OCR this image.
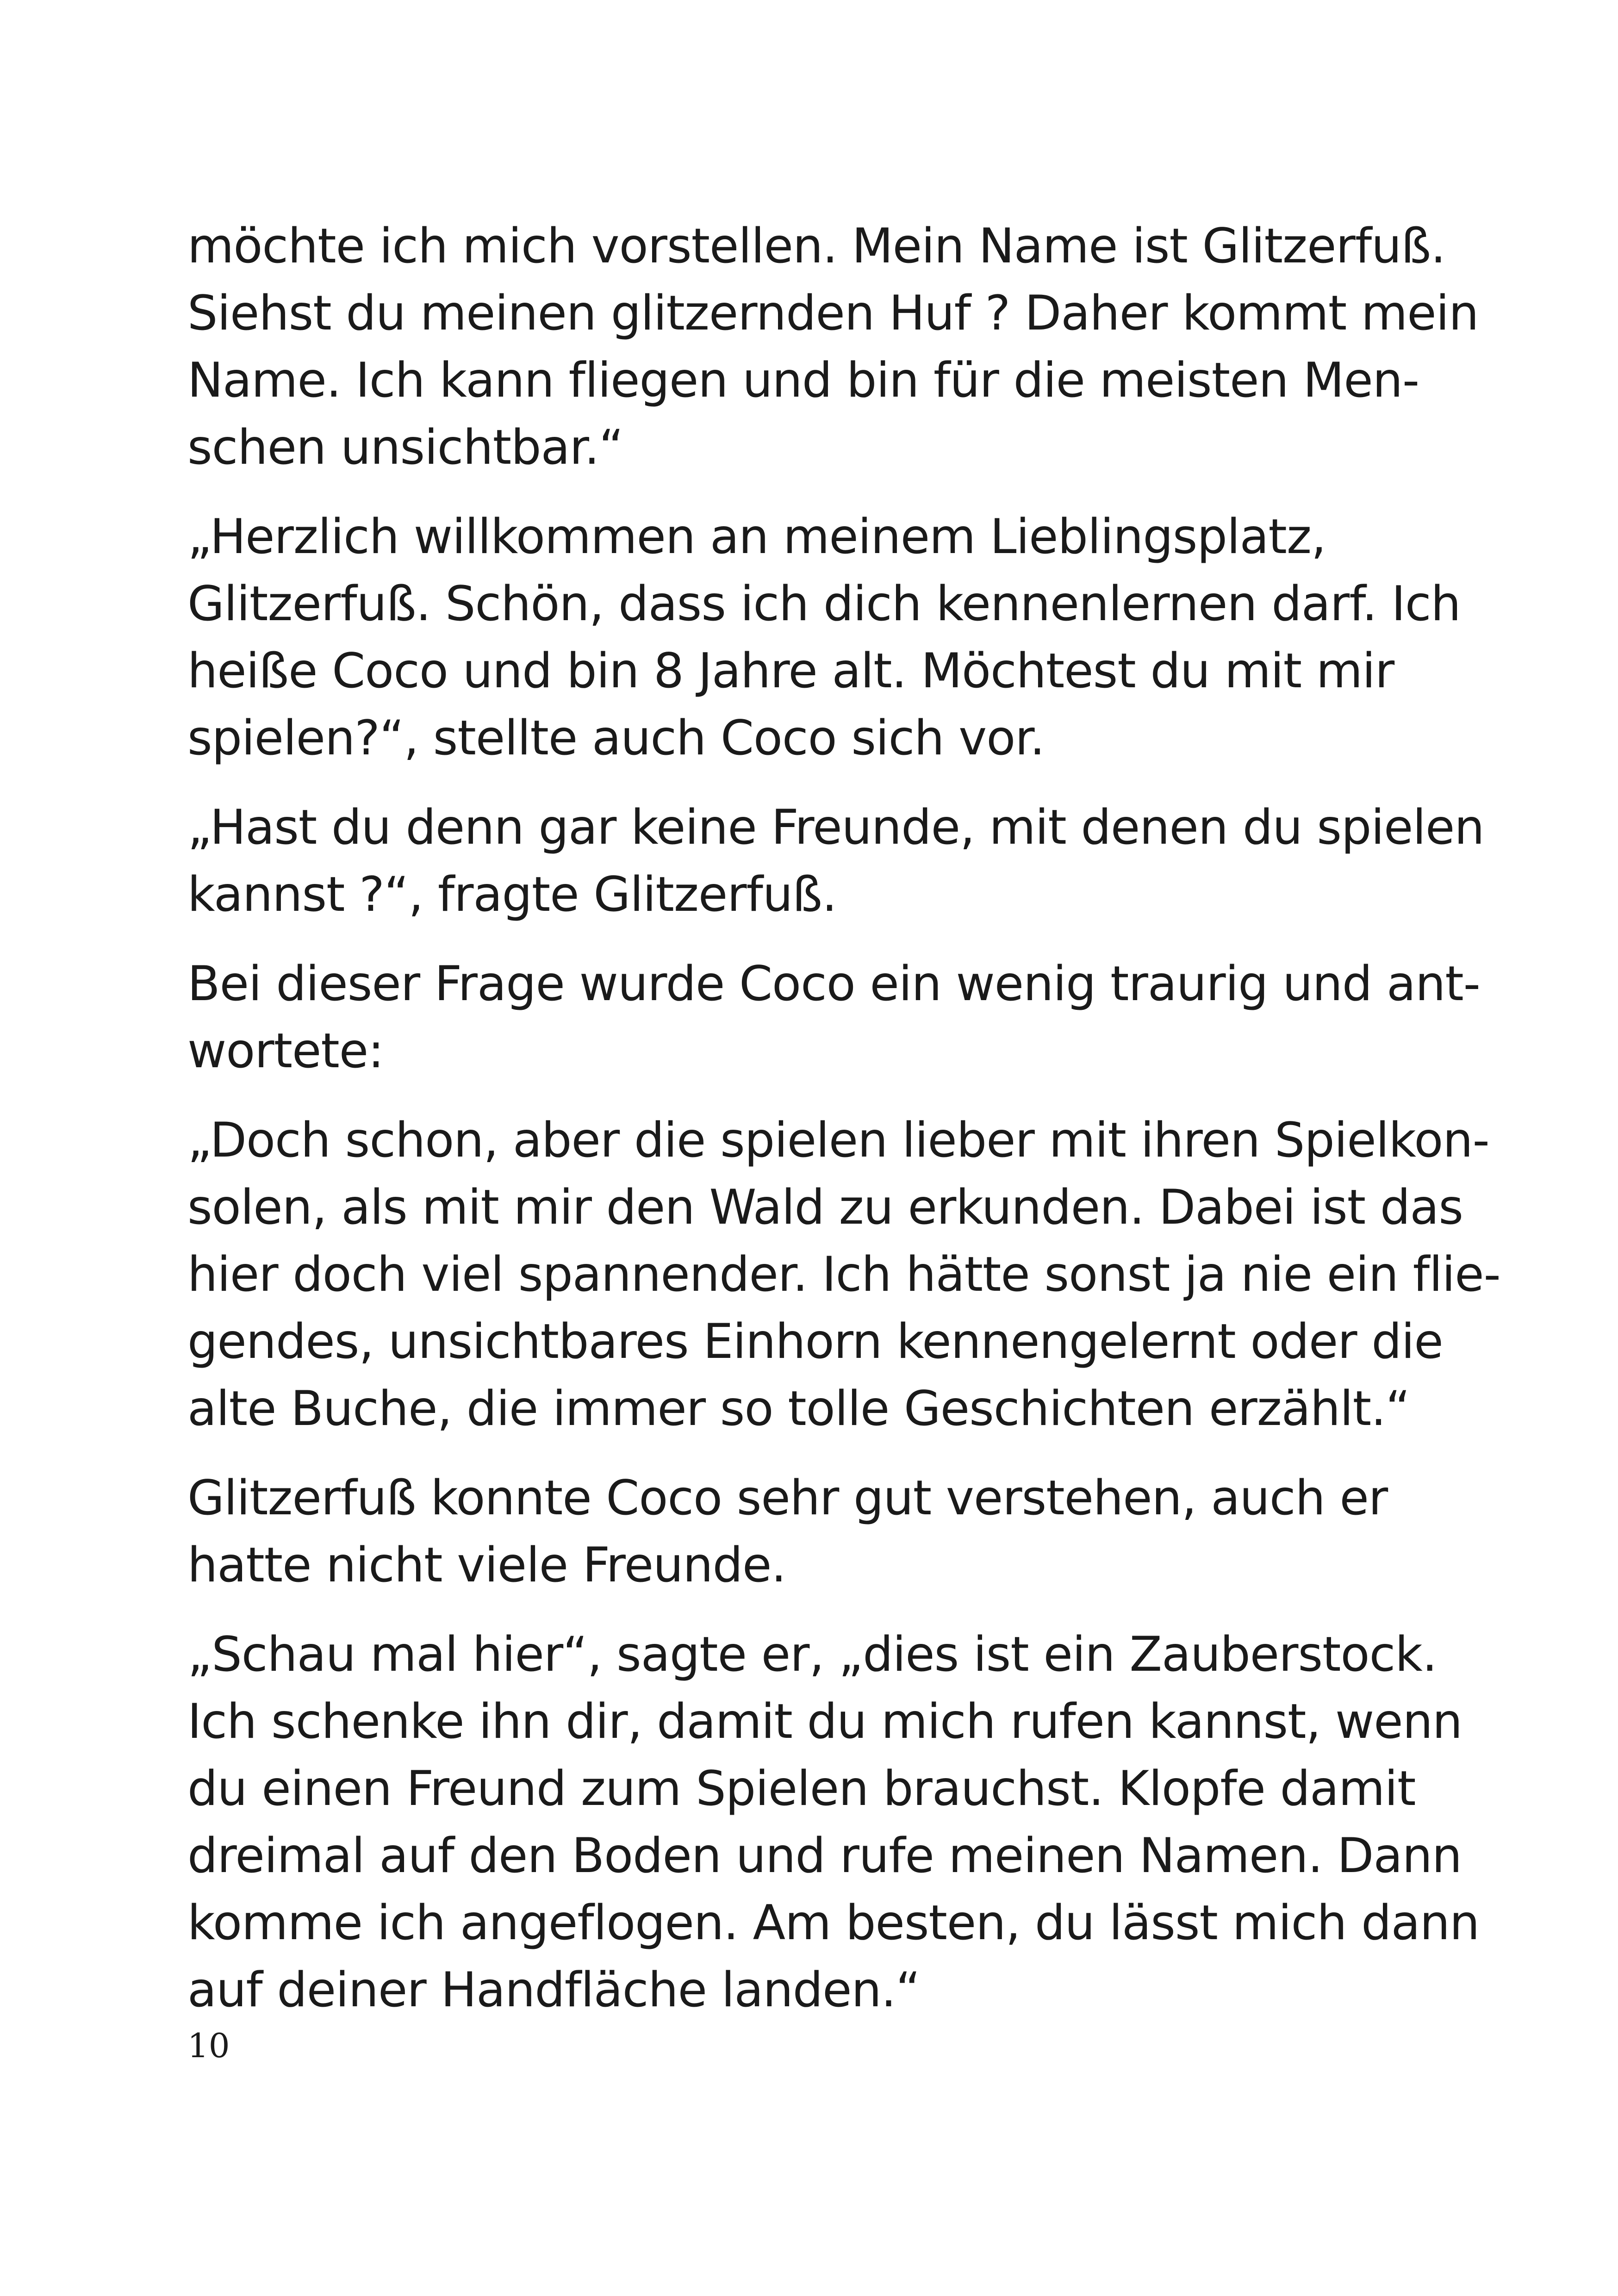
möchte ich mich vorstellen. Mein Name ist Glitzerfuß.
Siehst du meinen glitzernden Huf ? Daher kommt mein
Name. Ich kann fliegen und bin für die meisten Men-
schen unsichtbar.“

„Herzlich willkommen an meinem Lieblingsplatz,
Glitzerfuß. Schön, dass ich dich kennenlernen darf. Ich
heiße Coco und bin 8 Jahre alt. Möchtest du mit mir
spielen?“, stellte auch Coco sich vor.

„Hast du denn gar keine Freunde, mit denen du spielen
kannst ?“, fragte Glitzerfuß.

Bei dieser Frage wurde Coco ein wenig traurig und ant-
wortete:

„Doch schon, aber die spielen lieber mit ihren Spielkon-
solen, als mit mir den Wald zu erkunden. Dabei ist das
hier doch viel spannender. Ich hätte sonst ja nie ein flie-
gendes, unsichtbares Einhorn kennengelernt oder die
alte Buche, die immer so tolle Geschichten erzählt.“

Glitzerfuß konnte Coco sehr gut verstehen, auch er
hatte nicht viele Freunde.

„Schau mal hier“, sagte er, „dies ist ein Zauberstock.
Ich schenke ihn dir, damit du mich rufen kannst, wenn
du einen Freund zum Spielen brauchst. Klopfe damit
dreimal auf den Boden und rufe meinen Namen. Dann
komme ich angeflogen. Am besten, du lässt mich dann
auf deiner Handfläche landen.“

10
